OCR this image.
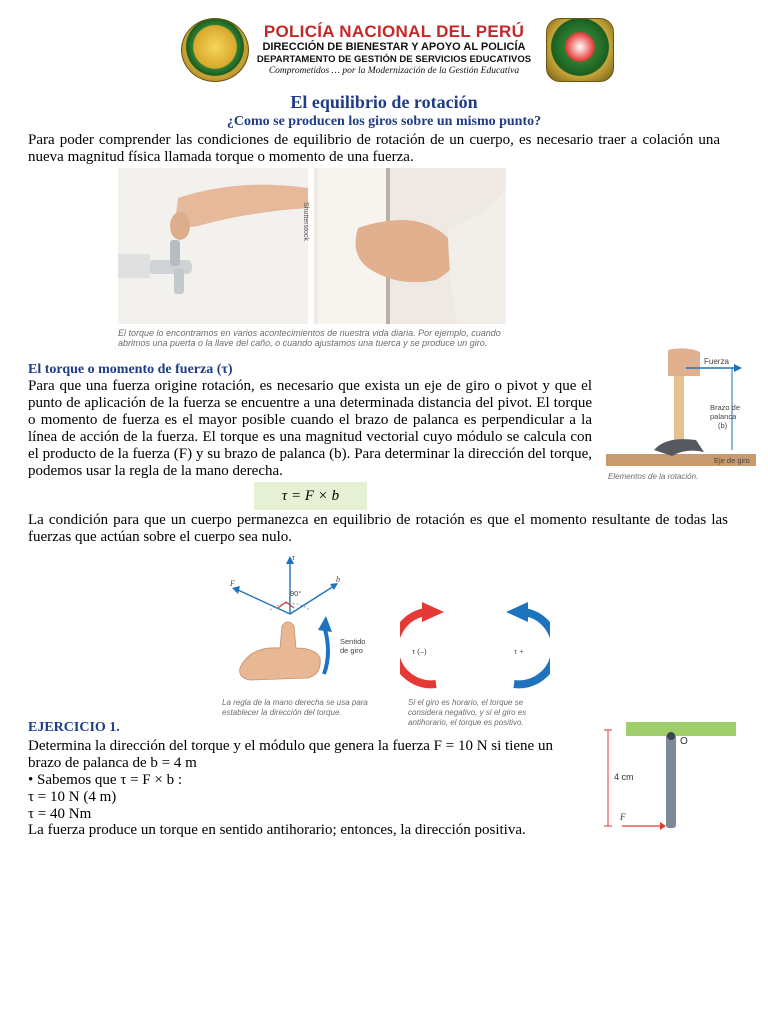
POLICÍA NACIONAL DEL PERÚ
DIRECCIÓN DE BIENESTAR Y APOYO AL POLICÍA
DEPARTAMENTO DE GESTIÓN DE SERVICIOS EDUCATIVOS
Comprometidos … por la Modernización de la Gestión Educativa
El equilibrio de rotación
¿Como se producen los giros sobre un mismo punto?
Para poder comprender las condiciones de equilibrio de rotación de un cuerpo, es necesario traer a colación una nueva magnitud física llamada torque o momento de una fuerza.
Shutterstock
El torque lo encontramos en varios acontecimientos de nuestra vida diaria. Por ejemplo, cuando abrimos una puerta o la llave del caño, o cuando ajustamos una tuerca y se produce un giro.
El torque o momento de fuerza (τ)
Para que una fuerza origine rotación, es necesario que exista un eje de giro o pivot y que el punto de aplicación de la fuerza se encuentre a una determinada distancia del pivot. El torque o momento de fuerza es el mayor posible cuando el brazo de palanca es perpendicular a la línea de acción de la fuerza. El torque es una magnitud vectorial cuyo módulo se calcula con el producto de la fuerza (F) y su brazo de palanca (b). Para determinar la dirección del torque, podemos usar la regla de la mano derecha.
τ = F × b
Fuerza
Brazo de palanca (b)
Eje de giro
Elementos de la rotación.
La condición para que un cuerpo permanezca en equilibrio de rotación es que el momento resultante de todas las fuerzas que actúan sobre el cuerpo sea nulo.
τ
F	b
90°
Sentido de giro
La regla de la mano derecha se usa para establecer la dirección del torque.
τ (–)	τ +
Si el giro es horario, el torque se considera negativo, y si el giro es antihorario, el torque es positivo.
EJERCICIO 1.
Determina la dirección del torque y el módulo que genera la fuerza F = 10 N si tiene un brazo de palanca de b = 4 m
• Sabemos que τ = F × b :
τ = 10 N (4 m)
τ = 40 Nm
La fuerza produce un torque en sentido antihorario; entonces, la dirección positiva.
O
4 cm
F
